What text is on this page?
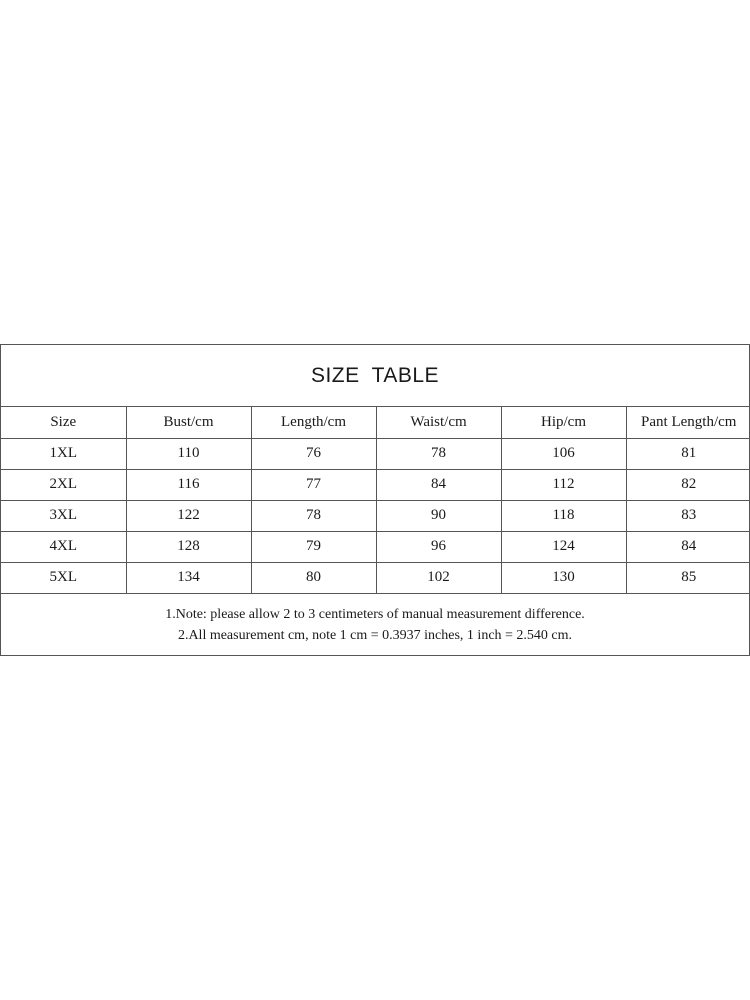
SIZE TABLE
Size	Bust/cm	Length/cm	Waist/cm	Hip/cm	Pant Length/cm
1XL	110	76	78	106	81
2XL	116	77	84	112	82
3XL	122	78	90	118	83
4XL	128	79	96	124	84
5XL	134	80	102	130	85
1.Note: please allow 2 to 3 centimeters of manual measurement difference.
2.All measurement cm, note 1 cm = 0.3937 inches, 1 inch = 2.540 cm.
